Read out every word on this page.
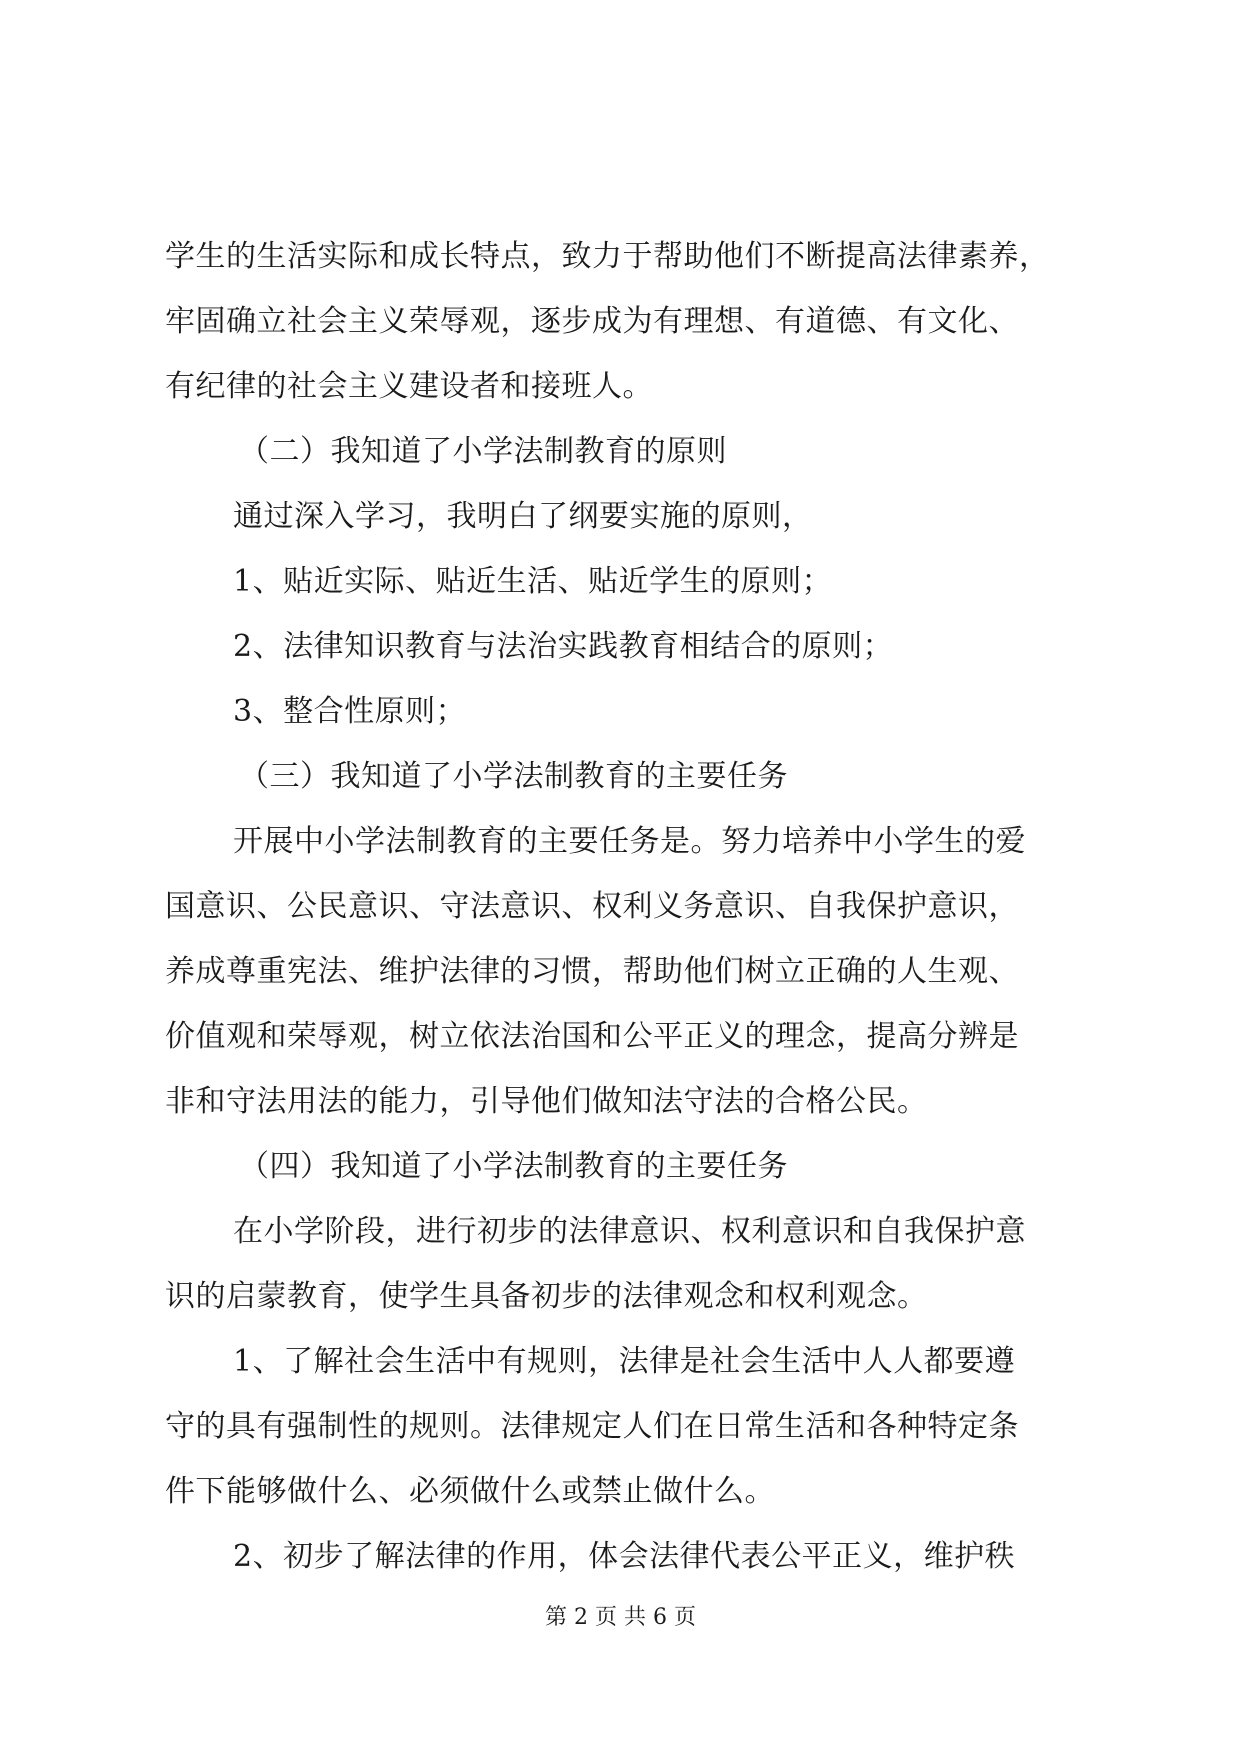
学生的生活实际和成长特点，致力于帮助他们不断提高法律素养，
牢固确立社会主义荣辱观，逐步成为有理想、有道德、有文化、
有纪律的社会主义建设者和接班人。
（二）我知道了小学法制教育的原则
通过深入学习，我明白了纲要实施的原则，
1、贴近实际、贴近生活、贴近学生的原则；
2、法律知识教育与法治实践教育相结合的原则；
3、整合性原则；
（三）我知道了小学法制教育的主要任务
开展中小学法制教育的主要任务是。努力培养中小学生的爱
国意识、公民意识、守法意识、权利义务意识、自我保护意识，
养成尊重宪法、维护法律的习惯，帮助他们树立正确的人生观、
价值观和荣辱观，树立依法治国和公平正义的理念，提高分辨是
非和守法用法的能力，引导他们做知法守法的合格公民。
（四）我知道了小学法制教育的主要任务
在小学阶段，进行初步的法律意识、权利意识和自我保护意
识的启蒙教育，使学生具备初步的法律观念和权利观念。
1、了解社会生活中有规则，法律是社会生活中人人都要遵
守的具有强制性的规则。法律规定人们在日常生活和各种特定条
件下能够做什么、必须做什么或禁止做什么。
2、初步了解法律的作用，体会法律代表公平正义，维护秩
第 2 页 共 6 页
